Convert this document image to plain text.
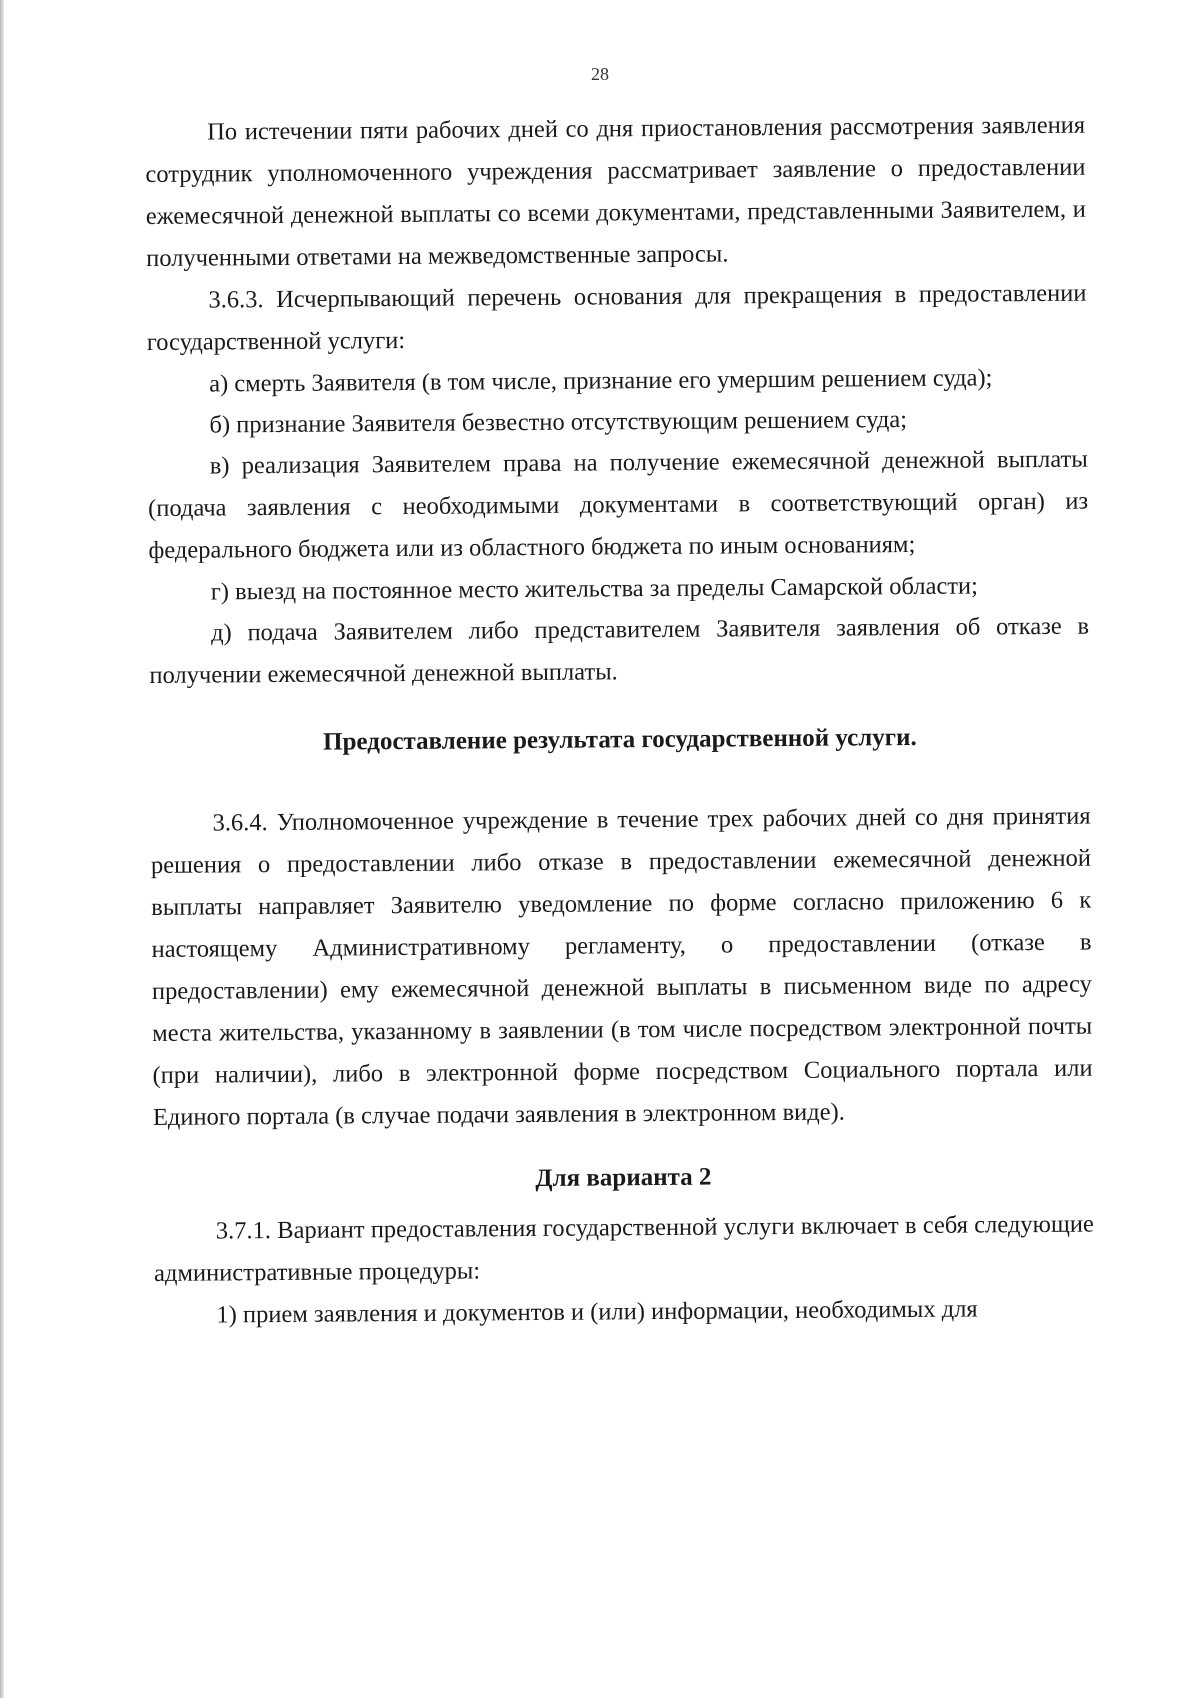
28

По истечении пяти рабочих дней со дня приостановления рассмотрения заявления сотрудник уполномоченного учреждения рассматривает заявление о предоставлении ежемесячной денежной выплаты со всеми документами, представленными Заявителем, и полученными ответами на межведомственные запросы.

3.6.3. Исчерпывающий перечень основания для прекращения в предоставлении государственной услуги:

а) смерть Заявителя (в том числе, признание его умершим решением суда);

б) признание Заявителя безвестно отсутствующим решением суда;

в) реализация Заявителем права на получение ежемесячной денежной выплаты (подача заявления с необходимыми документами в соответствующий орган) из федерального бюджета или из областного бюджета по иным основаниям;

г) выезд на постоянное место жительства за пределы Самарской области;

д) подача Заявителем либо представителем Заявителя заявления об отказе в получении ежемесячной денежной выплаты.

Предоставление результата государственной услуги.

3.6.4. Уполномоченное учреждение в течение трех рабочих дней со дня принятия решения о предоставлении либо отказе в предоставлении ежемесячной денежной выплаты направляет Заявителю уведомление по форме согласно приложению 6 к настоящему Административному регламенту, о предоставлении (отказе в предоставлении) ему ежемесячной денежной выплаты в письменном виде по адресу места жительства, указанному в заявлении (в том числе посредством электронной почты (при наличии), либо в электронной форме посредством Социального портала или Единого портала (в случае подачи заявления в электронном виде).

Для варианта 2

3.7.1. Вариант предоставления государственной услуги включает в себя следующие административные процедуры:

1) прием заявления и документов и (или) информации, необходимых для
